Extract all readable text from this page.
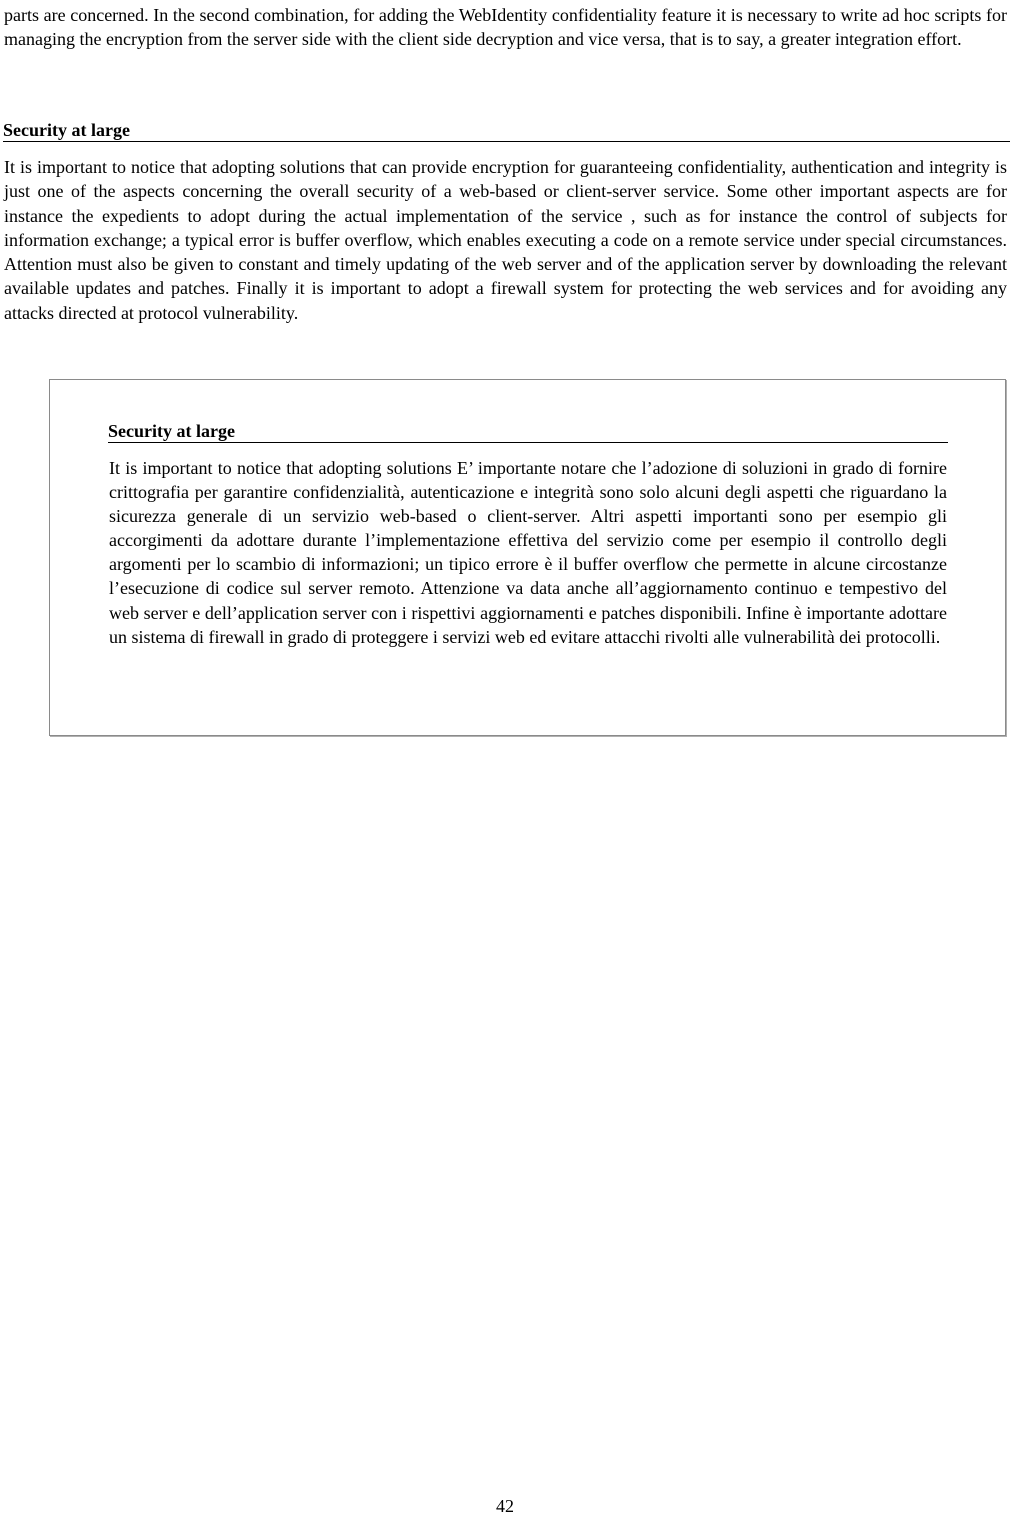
parts are concerned. In the second combination, for adding the WebIdentity confidentiality feature it is necessary to write ad hoc scripts for managing the encryption from the server side with the client side decryption and vice versa, that is to say, a greater integration effort.

Security at large

It is important to notice that adopting solutions that can provide encryption for guaranteeing confidentiality, authentication and integrity is just one of the aspects concerning the overall security of a web-based or client-server service. Some other important aspects are for instance the expedients to adopt during the actual implementation of the service , such as for instance the control of subjects for information exchange; a typical error is buffer overflow, which enables executing a code on a remote service under special circumstances. Attention must also be given to constant and timely updating of the web server and of the application server by downloading the relevant available updates and patches. Finally it is important to adopt a firewall system for protecting the web services and for avoiding any attacks directed at protocol vulnerability.

Security at large

It is important to notice that adopting solutions E’ importante notare che l’adozione di soluzioni in grado di fornire crittografia per garantire confidenzialità, autenticazione e integrità sono solo alcuni degli aspetti che riguardano la sicurezza generale di un servizio web-based o client-server. Altri aspetti importanti sono per esempio gli accorgimenti da adottare durante l’implementazione effettiva del servizio come per esempio il controllo degli argomenti per lo scambio di informazioni; un tipico errore è il buffer overflow che permette in alcune circostanze l’esecuzione di codice sul server remoto. Attenzione va data anche all’aggiornamento continuo e tempestivo del web server e dell’application server con i rispettivi aggiornamenti e patches disponibili. Infine è importante adottare un sistema di firewall in grado di proteggere i servizi web ed evitare attacchi rivolti alle vulnerabilità dei protocolli.

42
